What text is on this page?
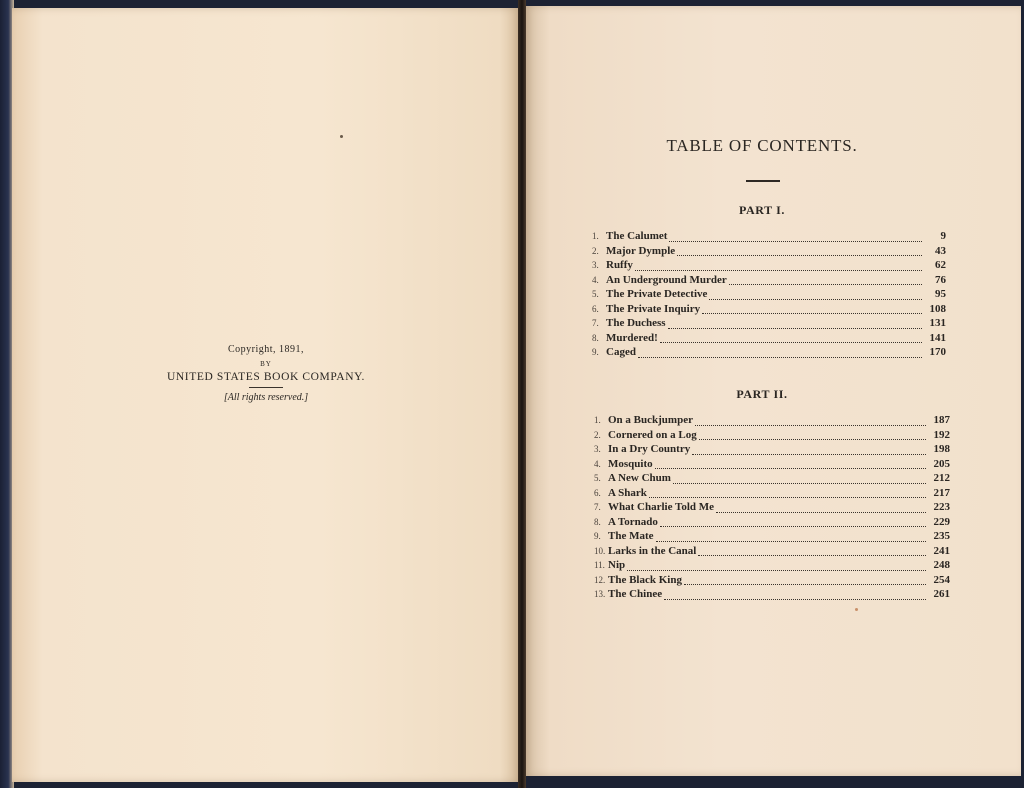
Copyright, 1891,
BY
UNITED STATES BOOK COMPANY.
[All rights reserved.]
TABLE OF CONTENTS.
PART I.
1. The Calumet	9
2. Major Dymple	43
3. Ruffy	62
4. An Underground Murder	76
5. The Private Detective	95
6. The Private Inquiry	108
7. The Duchess	131
8. Murdered!	141
9. Caged	170
PART II.
1. On a Buckjumper	187
2. Cornered on a Log	192
3. In a Dry Country	198
4. Mosquito	205
5. A New Chum	212
6. A Shark	217
7. What Charlie Told Me	223
8. A Tornado	229
9. The Mate	235
10. Larks in the Canal	241
11. Nip	248
12. The Black King	254
13. The Chinee	261
